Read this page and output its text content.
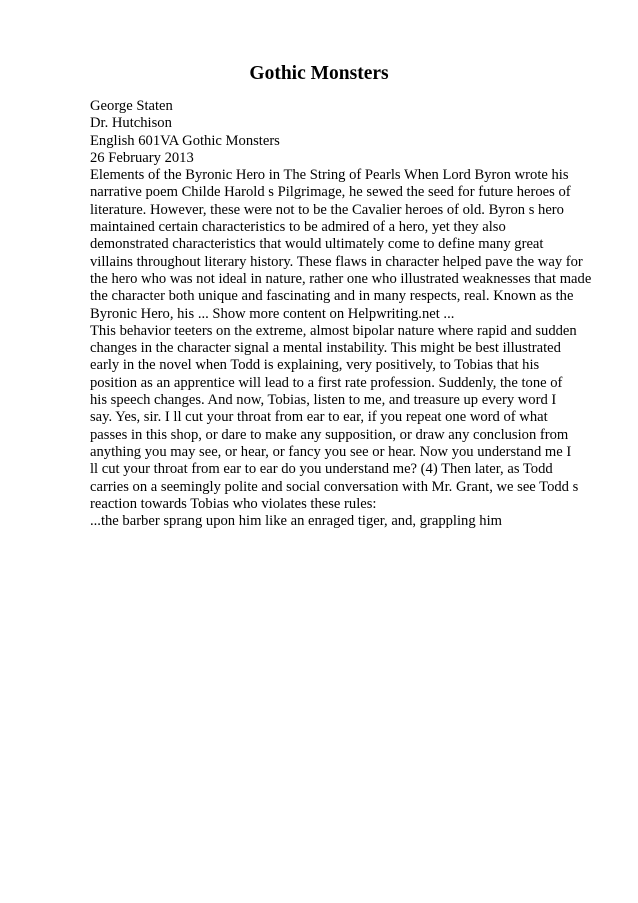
Gothic Monsters
George Staten
Dr. Hutchison
English 601VA Gothic Monsters
26 February 2013
Elements of the Byronic Hero in The String of Pearls When Lord Byron wrote his
narrative poem Childe Harold s Pilgrimage, he sewed the seed for future heroes of
literature. However, these were not to be the Cavalier heroes of old. Byron s hero
maintained certain characteristics to be admired of a hero, yet they also
demonstrated characteristics that would ultimately come to define many great
villains throughout literary history. These flaws in character helped pave the way for
the hero who was not ideal in nature, rather one who illustrated weaknesses that made
the character both unique and fascinating and in many respects, real. Known as the
Byronic Hero, his ... Show more content on Helpwriting.net ...
This behavior teeters on the extreme, almost bipolar nature where rapid and sudden
changes in the character signal a mental instability. This might be best illustrated
early in the novel when Todd is explaining, very positively, to Tobias that his
position as an apprentice will lead to a first rate profession. Suddenly, the tone of
his speech changes. And now, Tobias, listen to me, and treasure up every word I
say. Yes, sir. I ll cut your throat from ear to ear, if you repeat one word of what
passes in this shop, or dare to make any supposition, or draw any conclusion from
anything you may see, or hear, or fancy you see or hear. Now you understand me I
ll cut your throat from ear to ear do you understand me? (4) Then later, as Todd
carries on a seemingly polite and social conversation with Mr. Grant, we see Todd s
reaction towards Tobias who violates these rules:
...the barber sprang upon him like an enraged tiger, and, grappling him
